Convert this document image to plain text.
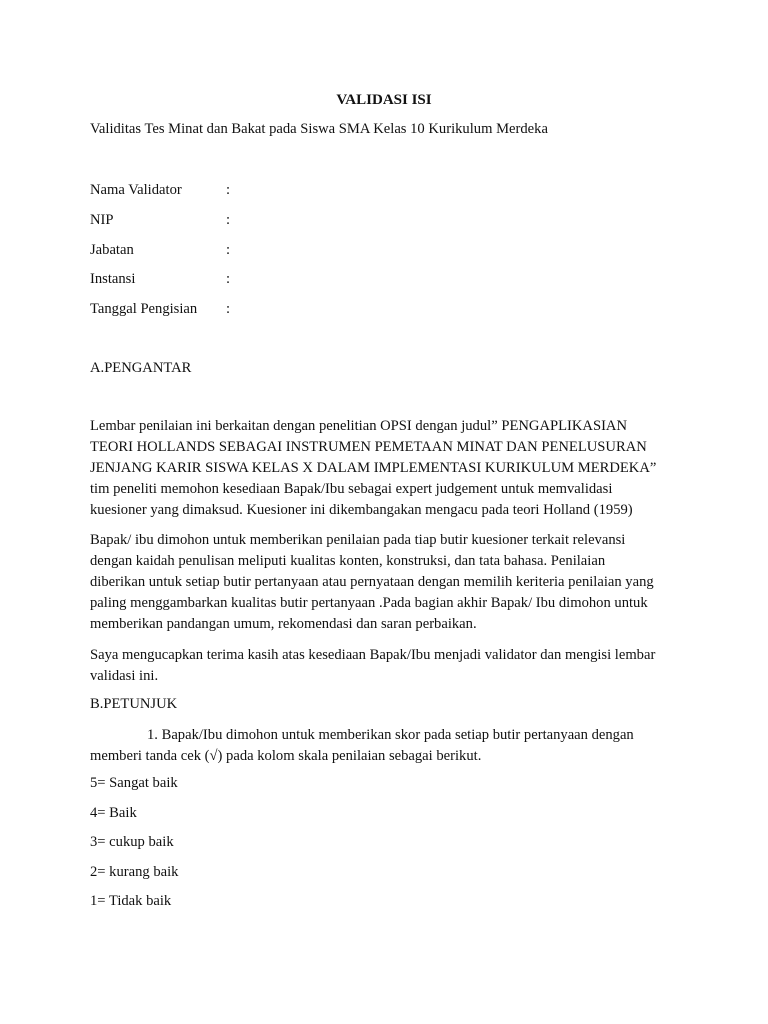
VALIDASI ISI
Validitas Tes Minat dan Bakat pada Siswa SMA Kelas 10 Kurikulum Merdeka
Nama Validator	:
NIP	:
Jabatan	:
Instansi	:
Tanggal Pengisian :
A.PENGANTAR
Lembar penilaian ini berkaitan dengan penelitian OPSI dengan judul” PENGAPLIKASIAN
TEORI HOLLANDS SEBAGAI INSTRUMEN PEMETAAN MINAT DAN PENELUSURAN
JENJANG KARIR SISWA KELAS X DALAM IMPLEMENTASI KURIKULUM MERDEKA”
tim peneliti memohon kesediaan Bapak/Ibu sebagai expert judgement untuk memvalidasi
kuesioner yang dimaksud. Kuesioner ini dikembangakan mengacu pada teori Holland (1959)
Bapak/ ibu dimohon untuk memberikan penilaian pada tiap butir kuesioner terkait relevansi
dengan kaidah penulisan meliputi kualitas konten, konstruksi, dan tata bahasa. Penilaian
diberikan untuk setiap butir pertanyaan atau pernyataan dengan memilih keriteria penilaian yang
paling menggambarkan kualitas butir pertanyaan .Pada bagian akhir Bapak/ Ibu dimohon untuk
memberikan pandangan umum, rekomendasi dan saran perbaikan.
Saya mengucapkan terima kasih atas kesediaan Bapak/Ibu menjadi validator dan mengisi lembar
validasi ini.
B.PETUNJUK
1. Bapak/Ibu dimohon untuk memberikan skor pada setiap butir pertanyaan dengan
memberi tanda cek (√) pada kolom skala penilaian sebagai berikut.
5= Sangat baik
4= Baik
3= cukup baik
2= kurang baik
1= Tidak baik
